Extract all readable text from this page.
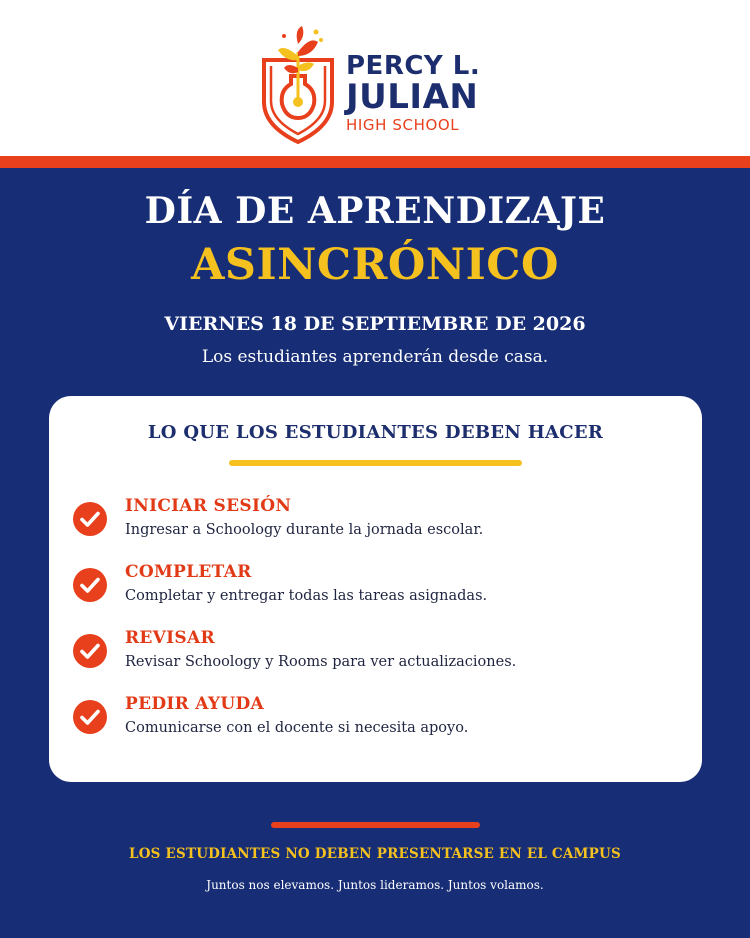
PERCY L.
JULIAN
HIGH SCHOOL
DÍA DE APRENDIZAJE
ASINCRÓNICO
VIERNES 18 DE SEPTIEMBRE DE 2026
Los estudiantes aprenderán desde casa.
LO QUE LOS ESTUDIANTES DEBEN HACER
INICIAR SESIÓN
Ingresar a Schoology durante la jornada escolar.
COMPLETAR
Completar y entregar todas las tareas asignadas.
REVISAR
Revisar Schoology y Rooms para ver actualizaciones.
PEDIR AYUDA
Comunicarse con el docente si necesita apoyo.
LOS ESTUDIANTES NO DEBEN PRESENTARSE EN EL CAMPUS
Juntos nos elevamos. Juntos lideramos. Juntos volamos.
